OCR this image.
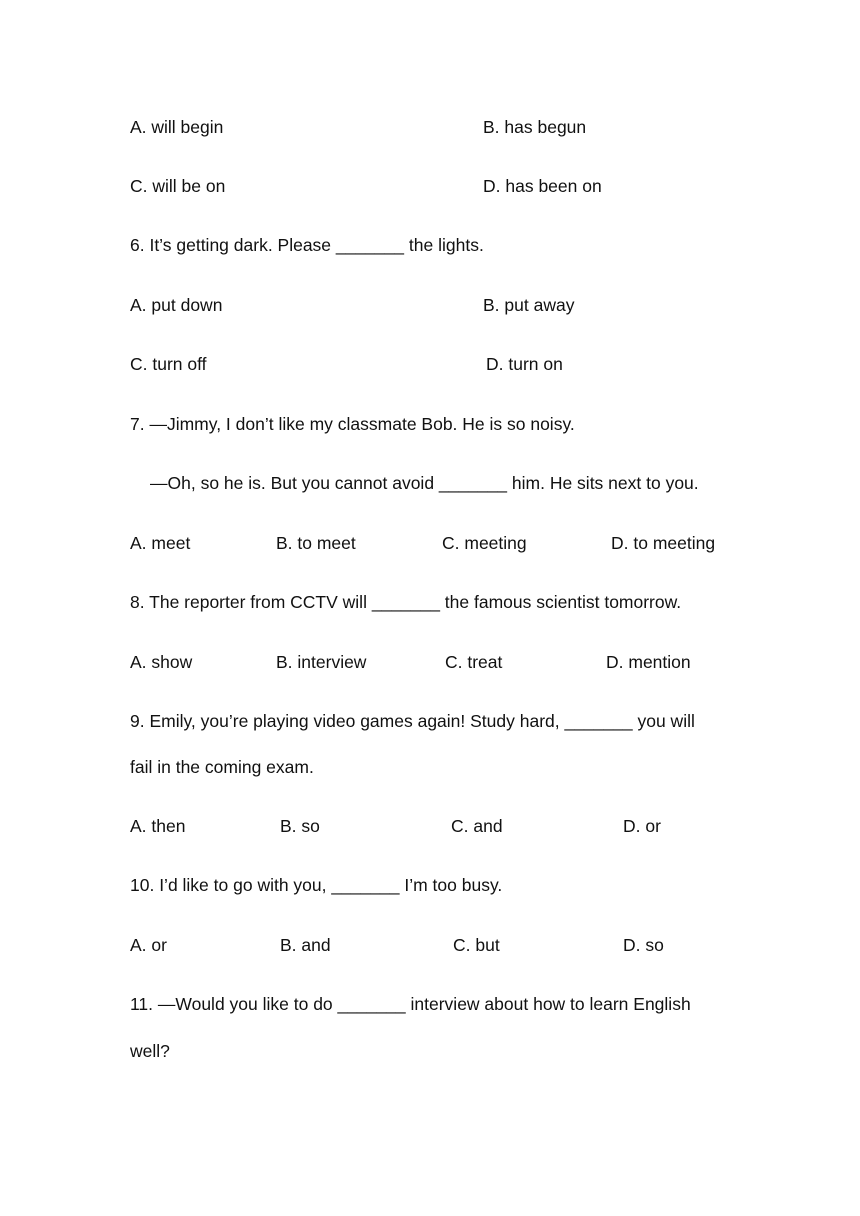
A. will begin	B. has begun
C. will be on	D. has been on
6. It’s getting dark. Please _______ the lights.
A. put down	B. put away
C. turn off	D. turn on
7. —Jimmy, I don’t like my classmate Bob. He is so noisy.
—Oh, so he is. But you cannot avoid _______ him. He sits next to you.
A. meet	B. to meet	C. meeting	D. to meeting
8. The reporter from CCTV will _______ the famous scientist tomorrow.
A. show	B. interview	C. treat	D. mention
9. Emily, you’re playing video games again! Study hard, _______ you will
fail in the coming exam.
A. then	B. so	C. and	D. or
10. I’d like to go with you, _______ I’m too busy.
A. or	B. and	C. but	D. so
11. —Would you like to do _______ interview about how to learn English
well?
